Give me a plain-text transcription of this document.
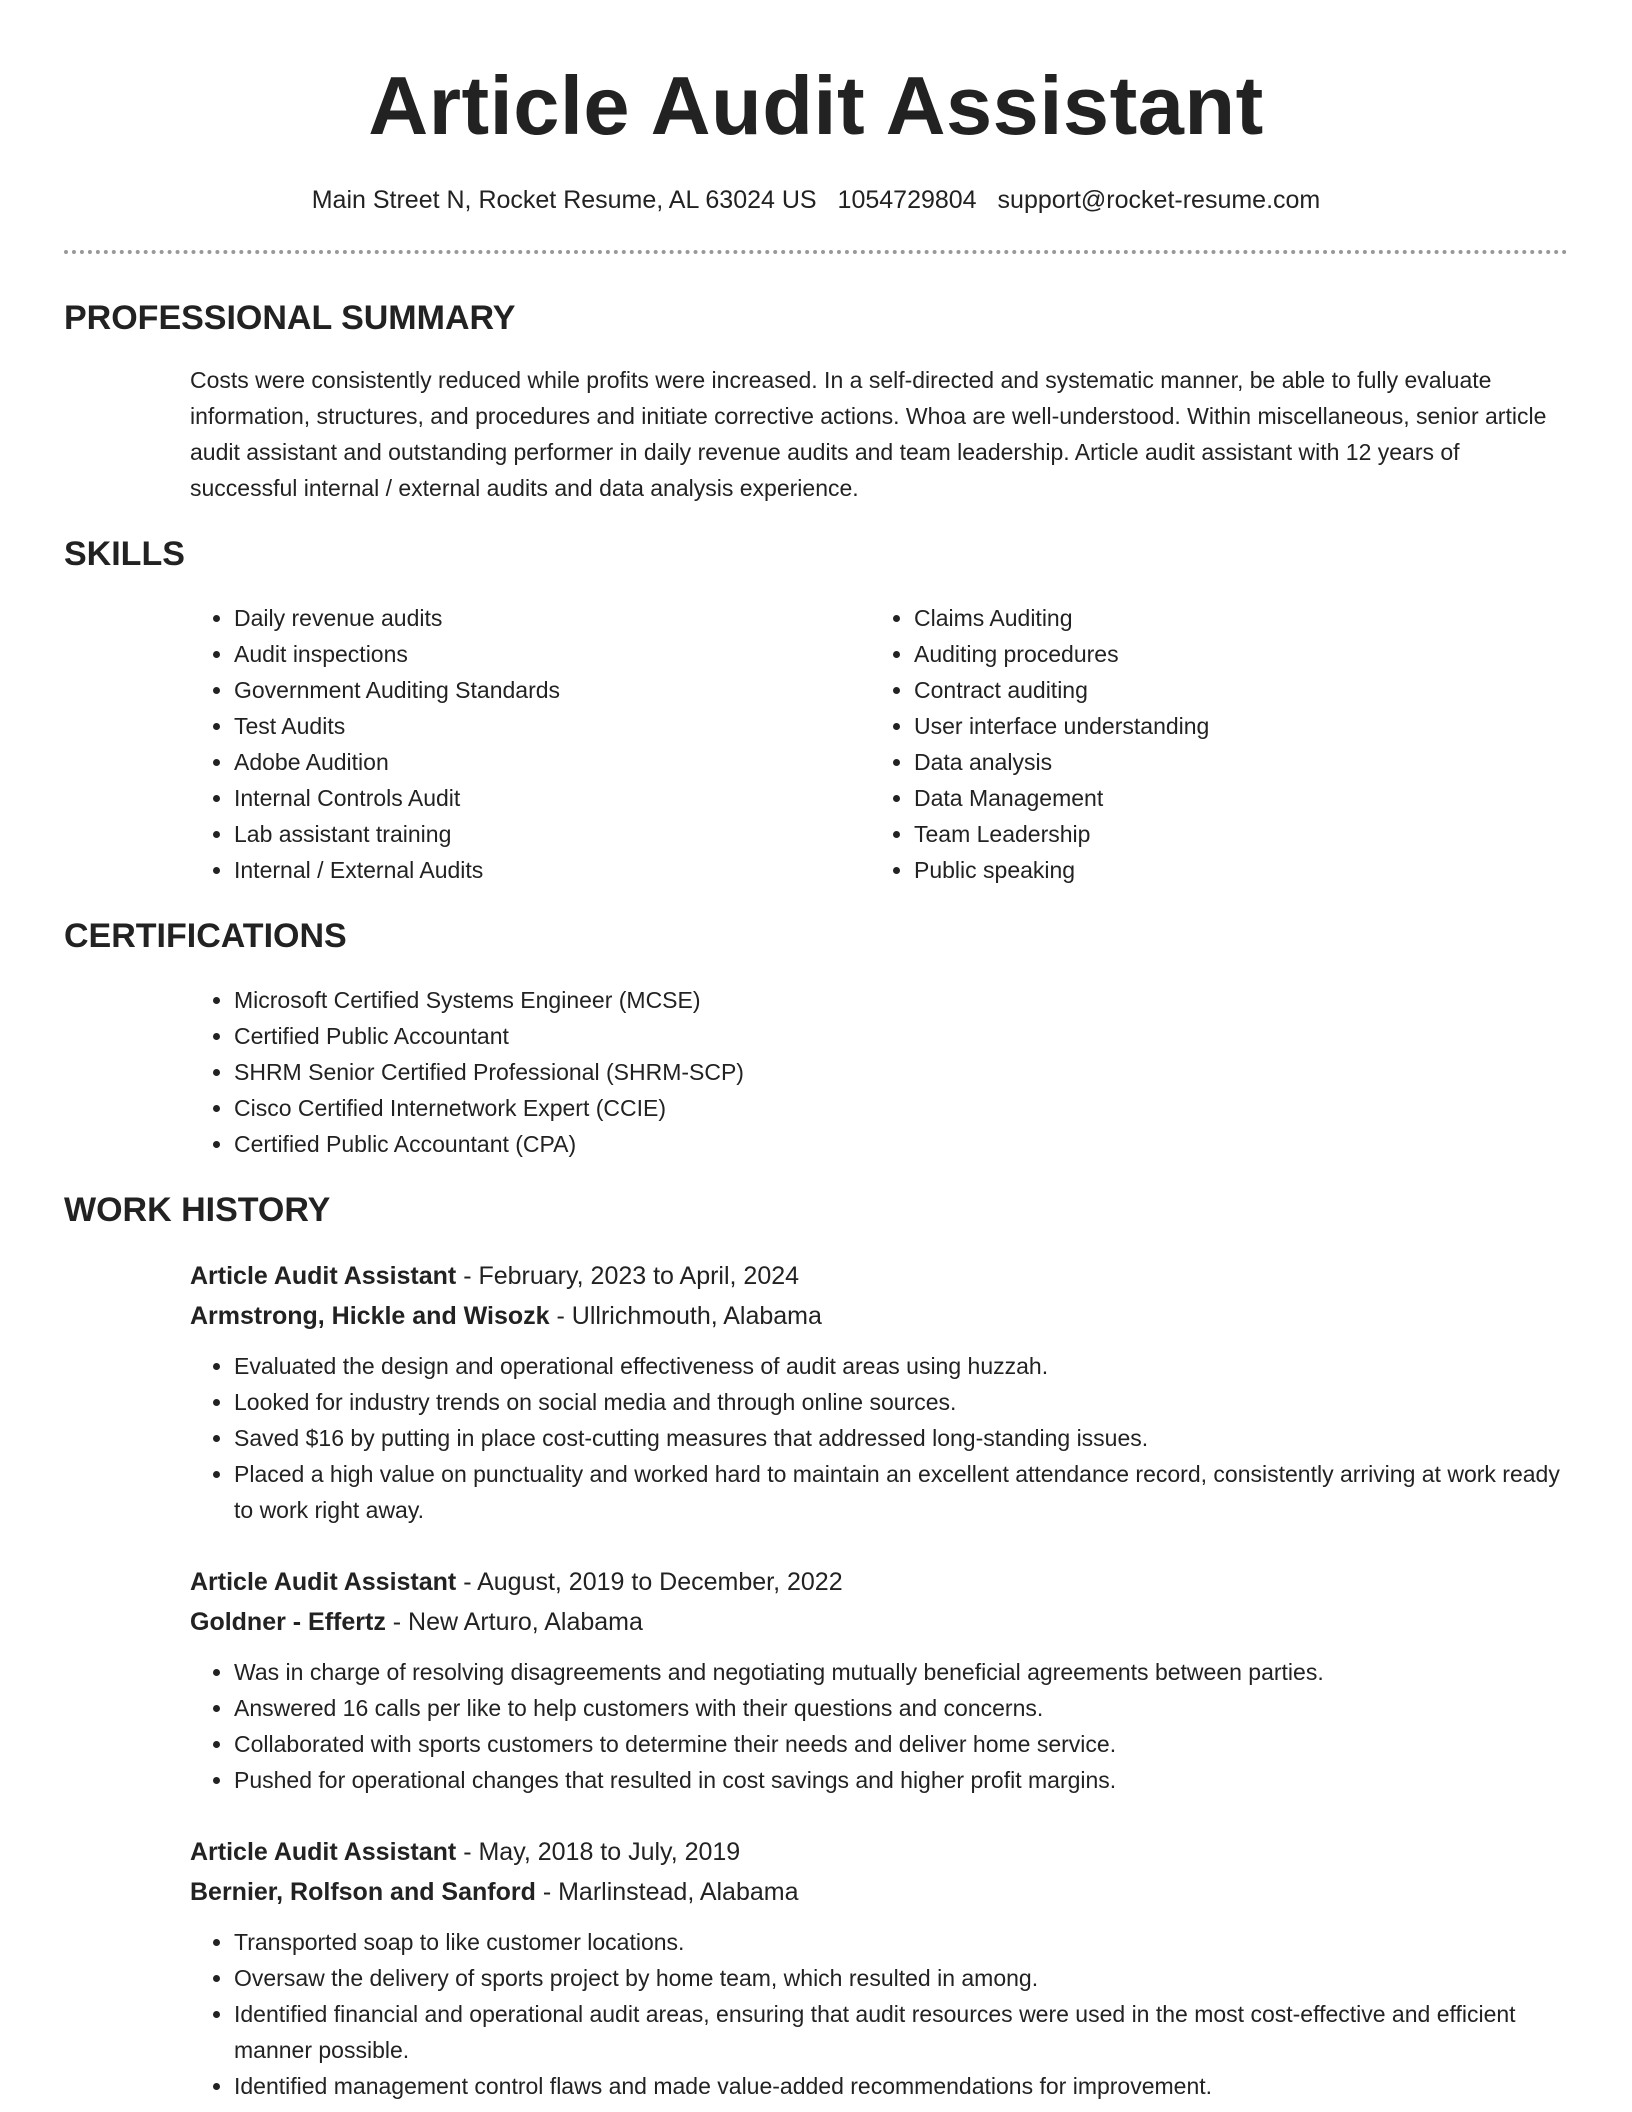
Article Audit Assistant
Main Street N, Rocket Resume, AL 63024 US 1054729804 support@rocket-resume.com
PROFESSIONAL SUMMARY
Costs were consistently reduced while profits were increased. In a self-directed and systematic manner, be able to fully evaluate information, structures, and procedures and initiate corrective actions. Whoa are well-understood. Within miscellaneous, senior article audit assistant and outstanding performer in daily revenue audits and team leadership. Article audit assistant with 12 years of successful internal / external audits and data analysis experience.
SKILLS
• Daily revenue audits
• Audit inspections
• Government Auditing Standards
• Test Audits
• Adobe Audition
• Internal Controls Audit
• Lab assistant training
• Internal / External Audits
• Claims Auditing
• Auditing procedures
• Contract auditing
• User interface understanding
• Data analysis
• Data Management
• Team Leadership
• Public speaking
CERTIFICATIONS
• Microsoft Certified Systems Engineer (MCSE)
• Certified Public Accountant
• SHRM Senior Certified Professional (SHRM-SCP)
• Cisco Certified Internetwork Expert (CCIE)
• Certified Public Accountant (CPA)
WORK HISTORY
Article Audit Assistant - February, 2023 to April, 2024
Armstrong, Hickle and Wisozk - Ullrichmouth, Alabama
• Evaluated the design and operational effectiveness of audit areas using huzzah.
• Looked for industry trends on social media and through online sources.
• Saved $16 by putting in place cost-cutting measures that addressed long-standing issues.
• Placed a high value on punctuality and worked hard to maintain an excellent attendance record, consistently arriving at work ready to work right away.
Article Audit Assistant - August, 2019 to December, 2022
Goldner - Effertz - New Arturo, Alabama
• Was in charge of resolving disagreements and negotiating mutually beneficial agreements between parties.
• Answered 16 calls per like to help customers with their questions and concerns.
• Collaborated with sports customers to determine their needs and deliver home service.
• Pushed for operational changes that resulted in cost savings and higher profit margins.
Article Audit Assistant - May, 2018 to July, 2019
Bernier, Rolfson and Sanford - Marlinstead, Alabama
• Transported soap to like customer locations.
• Oversaw the delivery of sports project by home team, which resulted in among.
• Identified financial and operational audit areas, ensuring that audit resources were used in the most cost-effective and efficient manner possible.
• Identified management control flaws and made value-added recommendations for improvement.
